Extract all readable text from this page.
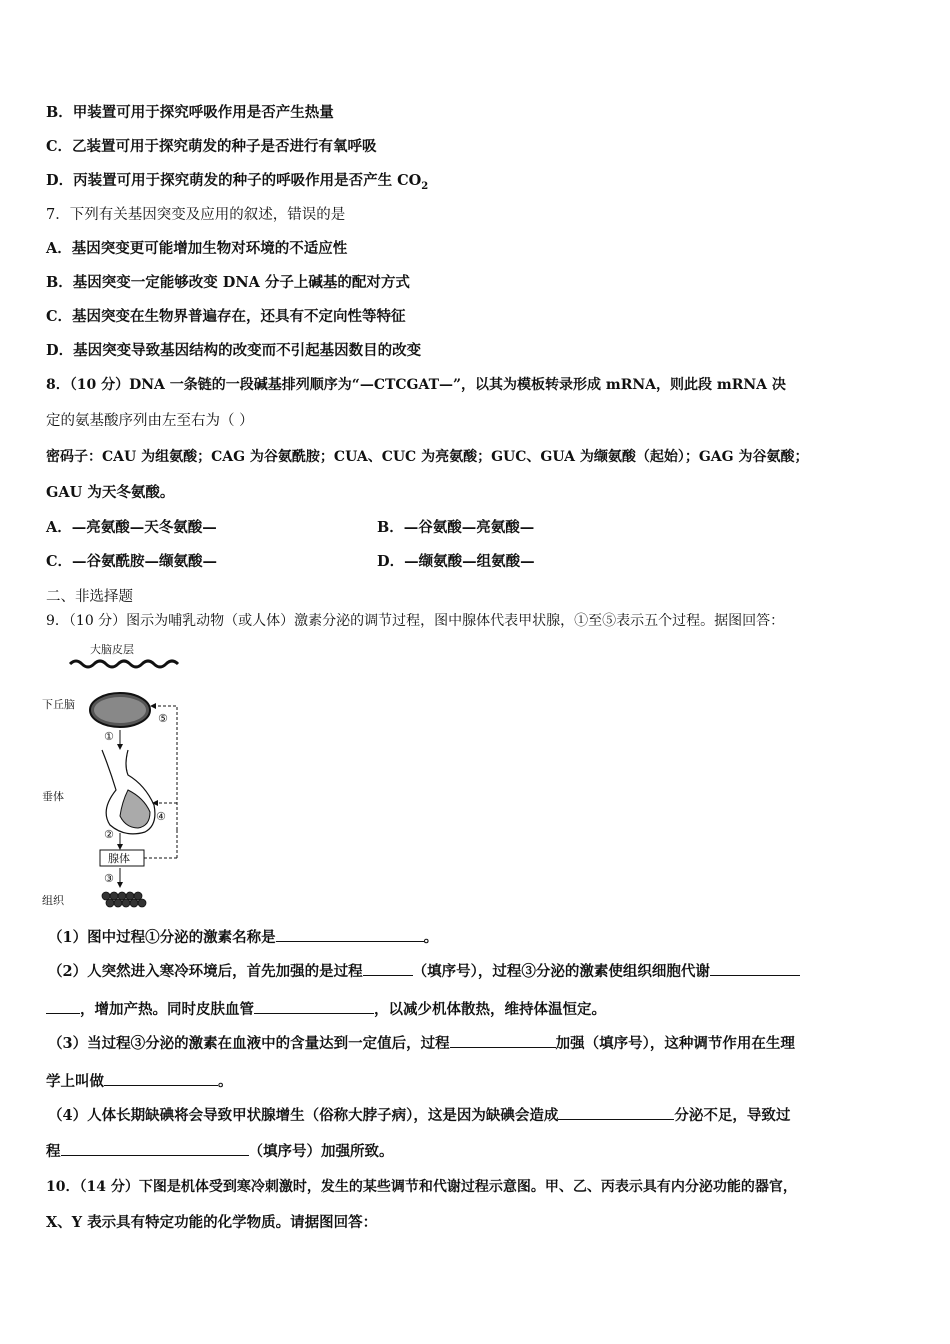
B．甲装置可用于探究呼吸作用是否产生热量
C．乙装置可用于探究萌发的种子是否进行有氧呼吸
D．丙装置可用于探究萌发的种子的呼吸作用是否产生 $CO_2$
7．下列有关基因突变及应用的叙述，错误的是
A．基因突变更可能增加生物对环境的不适应性
B．基因突变一定能够改变 DNA 分子上碱基的配对方式
C．基因突变在生物界普遍存在，还具有不定向性等特征
D．基因突变导致基因结构的改变而不引起基因数目的改变
8．（10 分）DNA 一条链的一段碱基排列顺序为“—CTCGAT—”，以其为模板转录形成 mRNA，则此段 mRNA 决
定的氨基酸序列由左至右为（ ）
密码子：CAU 为组氨酸；CAG 为谷氨酰胺；CUA、CUC 为亮氨酸；GUC、GUA 为缬氨酸（起始）；GAG 为谷氨酸；
GAU 为天冬氨酸。
A．—亮氨酸—天冬氨酸—	B．—谷氨酸—亮氨酸—
C．—谷氨酰胺—缬氨酸—	D．—缬氨酸—组氨酸—
二、非选择题
9．（10 分）图示为哺乳动物（或人体）激素分泌的调节过程，图中腺体代表甲状腺，①至⑤表示五个过程。据图回答：
大脑皮层
下丘脑
⑤
①
垂体
④
②
腺体
③
组织
（1）图中过程①分泌的激素名称是	。
（2）人突然进入寒冷环境后，首先加强的是过程	（填序号），过程③分泌的激素使组织细胞代谢
，增加产热。同时皮肤血管	，以减少机体散热，维持体温恒定。
（3）当过程③分泌的激素在血液中的含量达到一定值后，过程	加强（填序号），这种调节作用在生理
学上叫做	。
（4）人体长期缺碘将会导致甲状腺增生（俗称大脖子病），这是因为缺碘会造成	分泌不足，导致过
程	（填序号）加强所致。
10．（14 分）下图是机体受到寒冷刺激时，发生的某些调节和代谢过程示意图。甲、乙、丙表示具有内分泌功能的器官，
X、Y 表示具有特定功能的化学物质。请据图回答：
